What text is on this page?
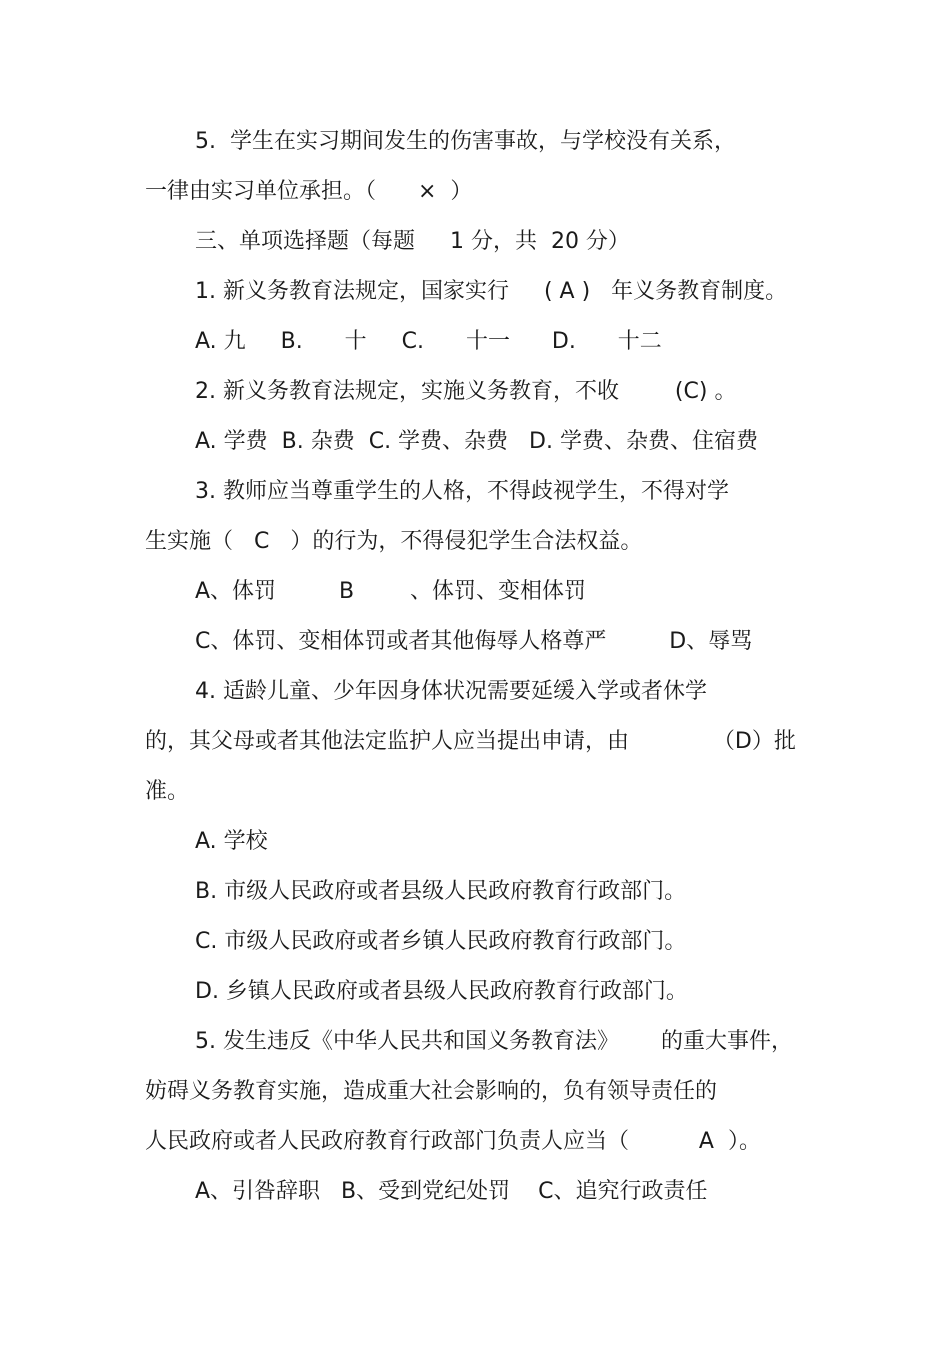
5.  学生在实习期间发生的伤害事故，与学校没有关系，
一律由实习单位承担。（      ×  ）
三、单项选择题（每题     1 分，共  20 分）
1. 新义务教育法规定，国家实行     ( A )   年义务教育制度。
A. 九     B.      十     C.      十一      D.      十二
2. 新义务教育法规定，实施义务教育，不收        (C) 。
A. 学费  B. 杂费  C. 学费、杂费   D. 学费、杂费、住宿费
3. 教师应当尊重学生的人格，不得歧视学生，不得对学
生实施（   C   ）的行为，不得侵犯学生合法权益。
A、体罚         B        、体罚、变相体罚
C、体罚、变相体罚或者其他侮辱人格尊严         D、辱骂
4. 适龄儿童、少年因身体状况需要延缓入学或者休学
的，其父母或者其他法定监护人应当提出申请，由            （D）批
准。
A. 学校
B. 市级人民政府或者县级人民政府教育行政部门。
C. 市级人民政府或者乡镇人民政府教育行政部门。
D. 乡镇人民政府或者县级人民政府教育行政部门。
5. 发生违反《中华人民共和国义务教育法》      的重大事件，
妨碍义务教育实施，造成重大社会影响的，负有领导责任的
人民政府或者人民政府教育行政部门负责人应当（          A  ）。
A、引咎辞职   B、受到党纪处罚    C、追究行政责任
